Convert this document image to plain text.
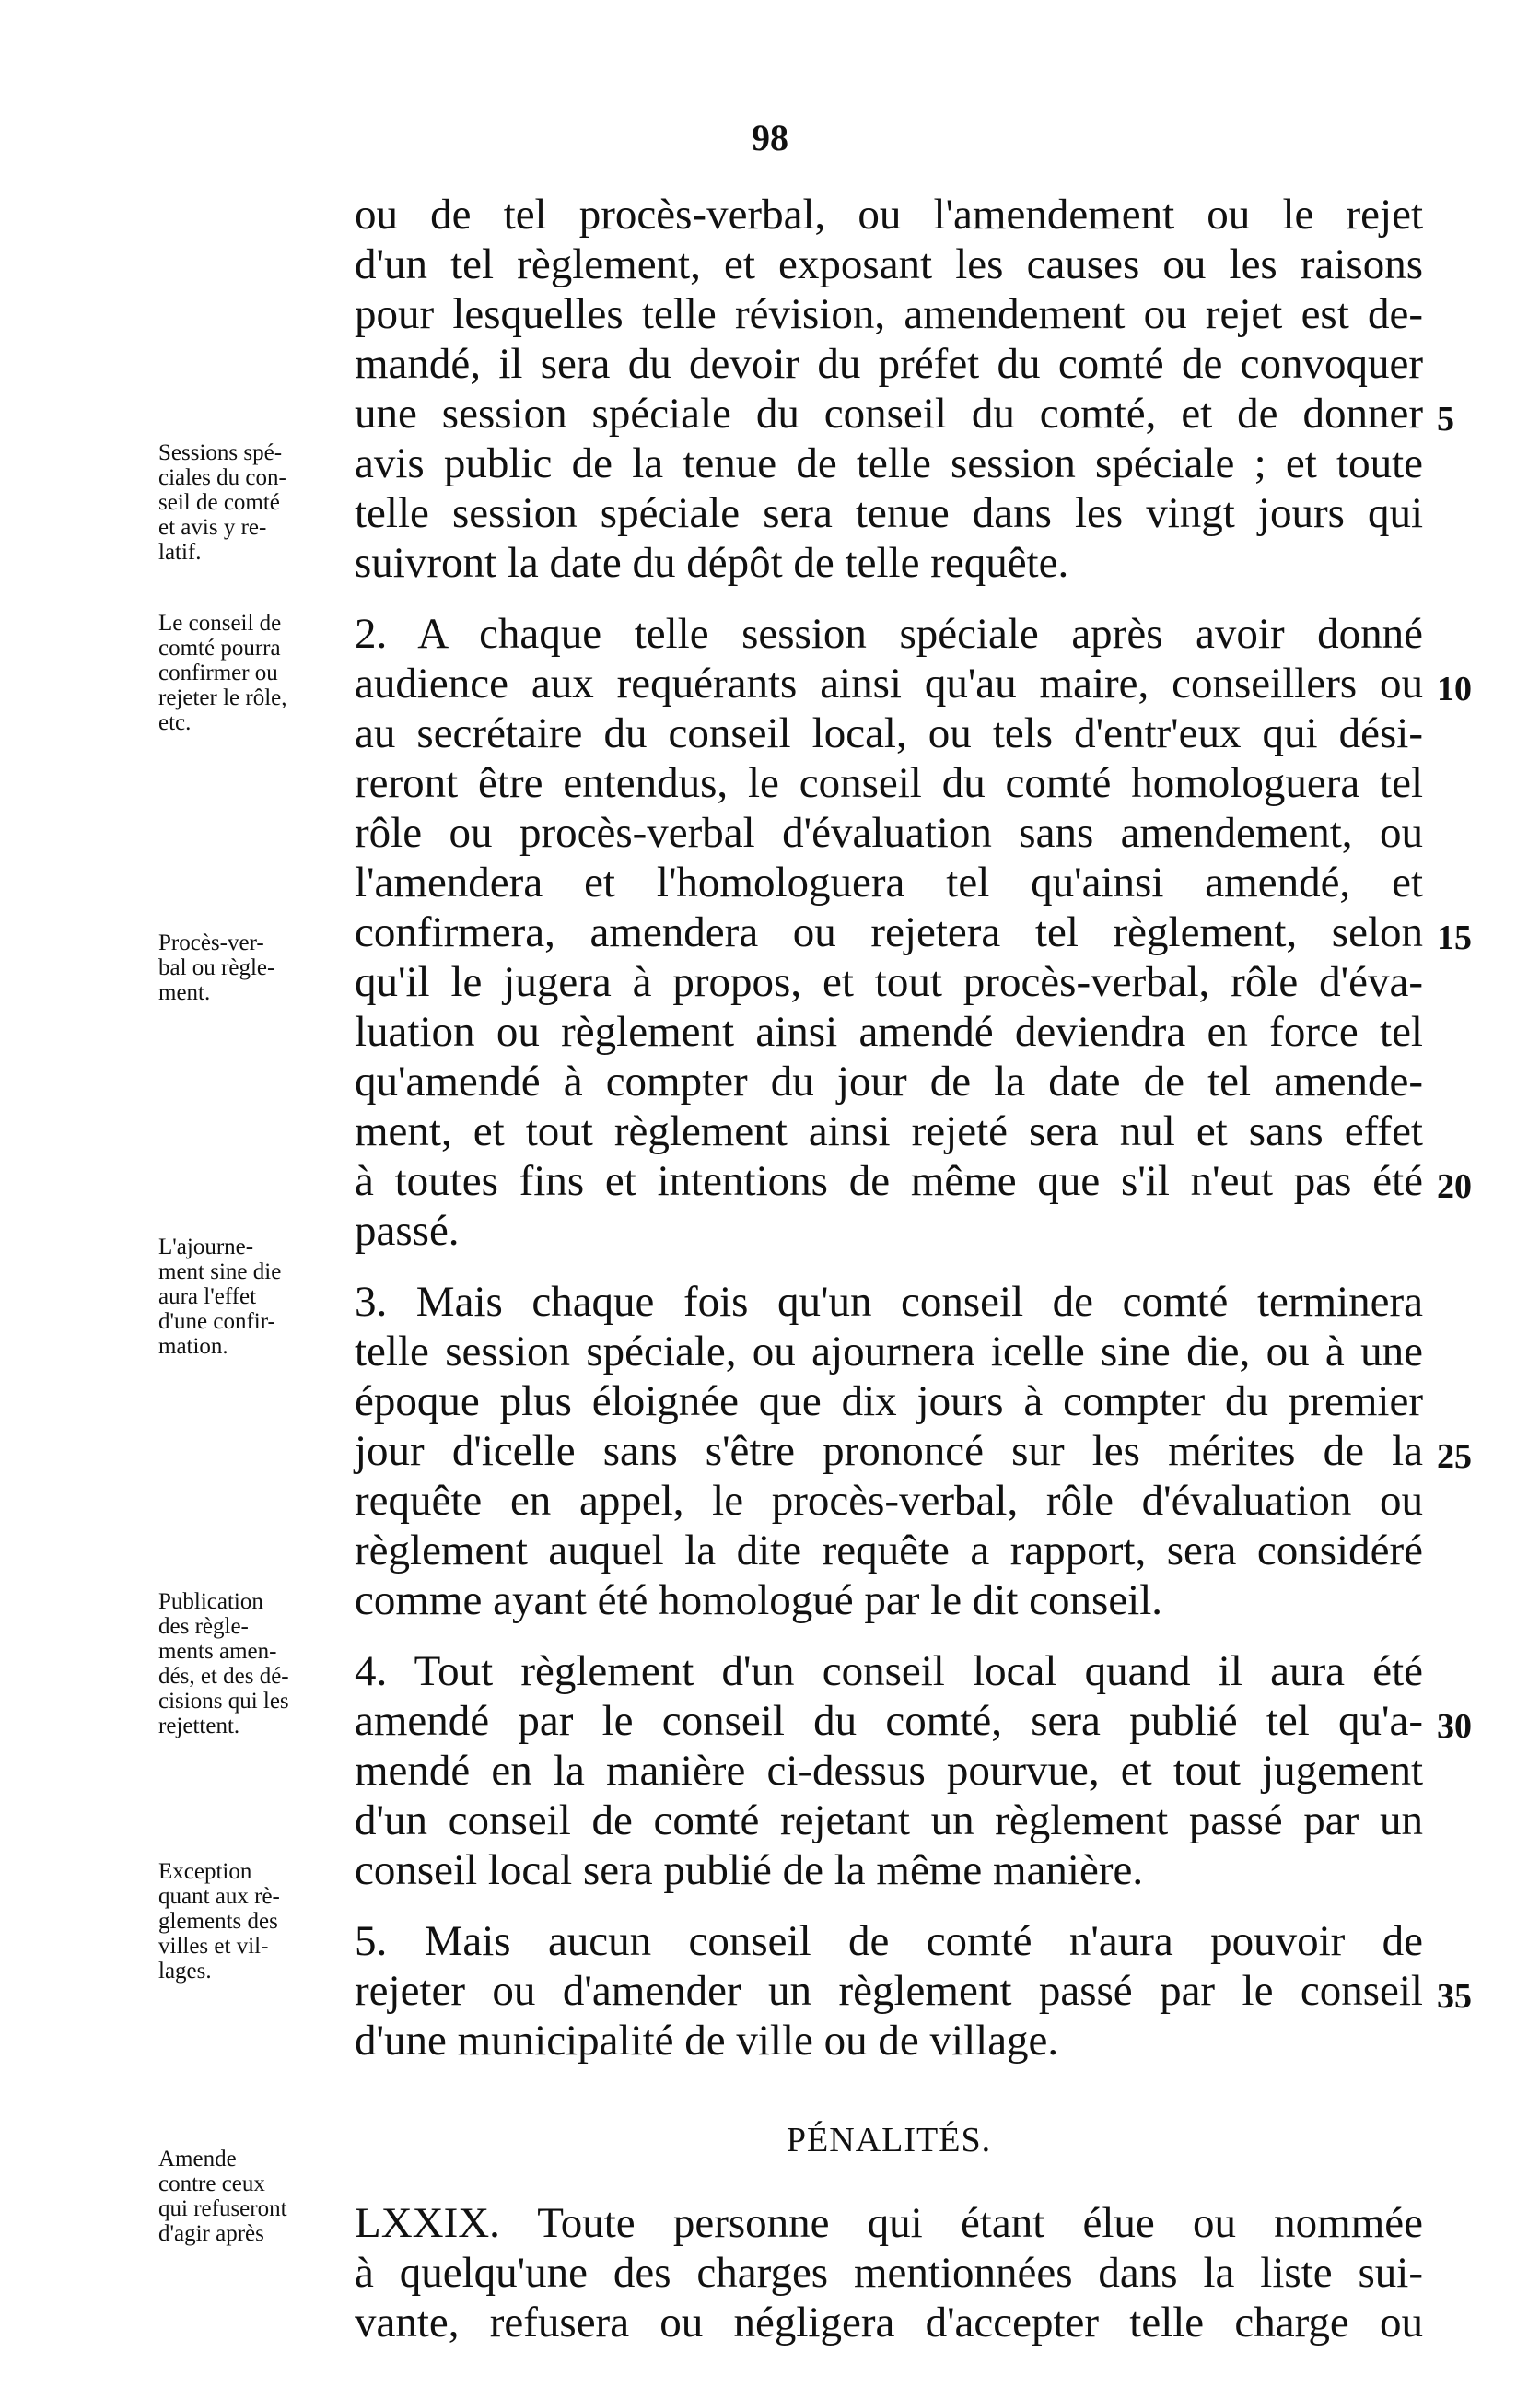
98
ou de tel procès-verbal, ou l'amendement ou le rejet
d'un tel règlement, et exposant les causes ou les raisons
pour lesquelles telle révision, amendement ou rejet est de-
mandé, il sera du devoir du préfet du comté de convoquer
une session spéciale du conseil du comté, et de donner
avis public de la tenue de telle session spéciale ; et toute
telle session spéciale sera tenue dans les vingt jours qui
suivront la date du dépôt de telle requête.
2. A chaque telle session spéciale après avoir donné
audience aux requérants ainsi qu'au maire, conseillers ou
au secrétaire du conseil local, ou tels d'entr'eux qui dési-
reront être entendus, le conseil du comté homologuera tel
rôle ou procès-verbal d'évaluation sans amendement, ou
l'amendera et l'homologuera tel qu'ainsi amendé, et
confirmera, amendera ou rejetera tel règlement, selon
qu'il le jugera à propos, et tout procès-verbal, rôle d'éva-
luation ou règlement ainsi amendé deviendra en force tel
qu'amendé à compter du jour de la date de tel amende-
ment, et tout règlement ainsi rejeté sera nul et sans effet
à toutes fins et intentions de même que s'il n'eut pas été
passé.
3. Mais chaque fois qu'un conseil de comté terminera
telle session spéciale, ou ajournera icelle sine die, ou à une
époque plus éloignée que dix jours à compter du premier
jour d'icelle sans s'être prononcé sur les mérites de la
requête en appel, le procès-verbal, rôle d'évaluation ou
règlement auquel la dite requête a rapport, sera considéré
comme ayant été homologué par le dit conseil.
4. Tout règlement d'un conseil local quand il aura été
amendé par le conseil du comté, sera publié tel qu'a-
mendé en la manière ci-dessus pourvue, et tout jugement
d'un conseil de comté rejetant un règlement passé par un
conseil local sera publié de la même manière.
5. Mais aucun conseil de comté n'aura pouvoir de
rejeter ou d'amender un règlement passé par le conseil
d'une municipalité de ville ou de village.
LXXIX. Toute personne qui étant élue ou nommée
à quelqu'une des charges mentionnées dans la liste sui-
vante, refusera ou négligera d'accepter telle charge ou
PÉNALITÉS.
5
10
15
20
25
30
35
Sessions spé-
ciales du con-
seil de comté
et avis y re-
latif.
Le conseil de
comté pourra
confirmer ou
rejeter le rôle,
etc.
Procès-ver-
bal ou règle-
ment.
L'ajourne-
ment sine die
aura l'effet
d'une confir-
mation.
Publication
des règle-
ments amen-
dés, et des dé-
cisions qui les
rejettent.
Exception
quant aux rè-
glements des
villes et vil-
lages.
Amende
contre ceux
qui refuseront
d'agir après
